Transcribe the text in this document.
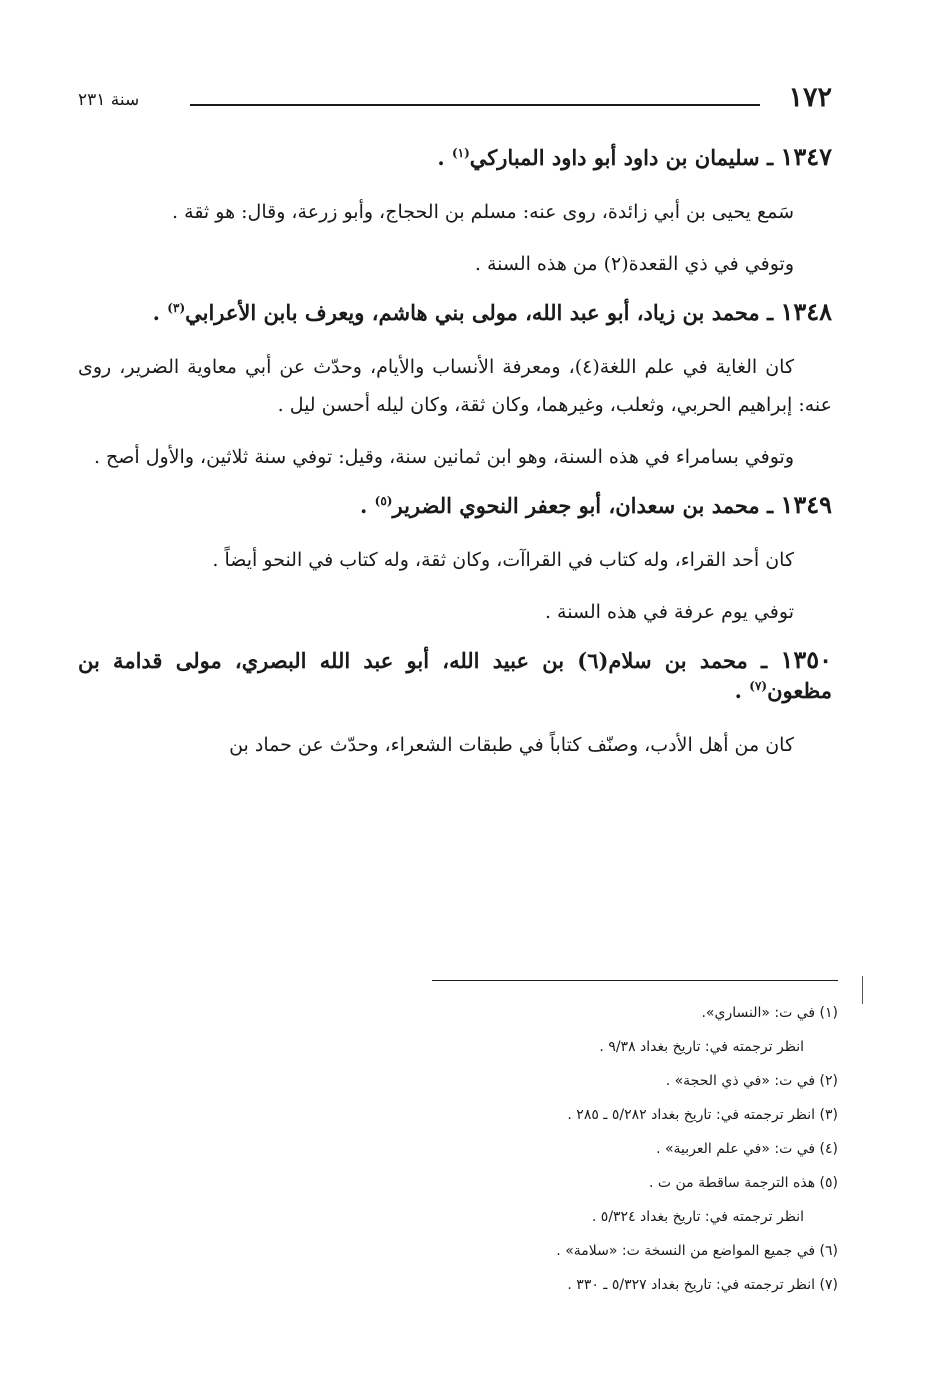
١٧٢
سنة ٢٣١

١٣٤٧ ـ سليمان بن داود أبو داود المباركي$^{(١)}$ .

سَمع يحيى بن أبي زائدة، روى عنه: مسلم بن الحجاج، وأبو زرعة، وقال: هو ثقة .

وتوفي في ذي القعدة(٢) من هذه السنة .

١٣٤٨ ـ محمد بن زياد، أبو عبد الله، مولى بني هاشم، ويعرف بابن الأعرابي$^{(٣)}$ .

كان الغاية في علم اللغة(٤)، ومعرفة الأنساب والأيام، وحدّث عن أبي معاوية الضرير، روى عنه: إبراهيم الحربي، وثعلب، وغيرهما، وكان ثقة، وكان ليله أحسن ليل .

وتوفي بسامراء في هذه السنة، وهو ابن ثمانين سنة، وقيل: توفي سنة ثلاثين، والأول أصح .

١٣٤٩ ـ محمد بن سعدان، أبو جعفر النحوي الضرير$^{(٥)}$ .

كان أحد القراء، وله كتاب في القراآت، وكان ثقة، وله كتاب في النحو أيضاً .

توفي يوم عرفة في هذه السنة .

١٣٥٠ ـ محمد بن سلام(٦) بن عبيد الله، أبو عبد الله البصري، مولى قدامة بن مظعون$^{(٧)}$ .

كان من أهل الأدب، وصنّف كتاباً في طبقات الشعراء، وحدّث عن حماد بن

(١) في ت: «النساري».

انظر ترجمته في: تاريخ بغداد ٩/٣٨ .

(٢) في ت: «في ذي الحجة» .

(٣) انظر ترجمته في: تاريخ بغداد ٥/٢٨٢ ـ ٢٨٥ .

(٤) في ت: «في علم العربية» .

(٥) هذه الترجمة ساقطة من ت .

انظر ترجمته في: تاريخ بغداد ٥/٣٢٤ .

(٦) في جميع المواضع من النسخة ت: «سلامة» .

(٧) انظر ترجمته في: تاريخ بغداد ٥/٣٢٧ ـ ٣٣٠ .
